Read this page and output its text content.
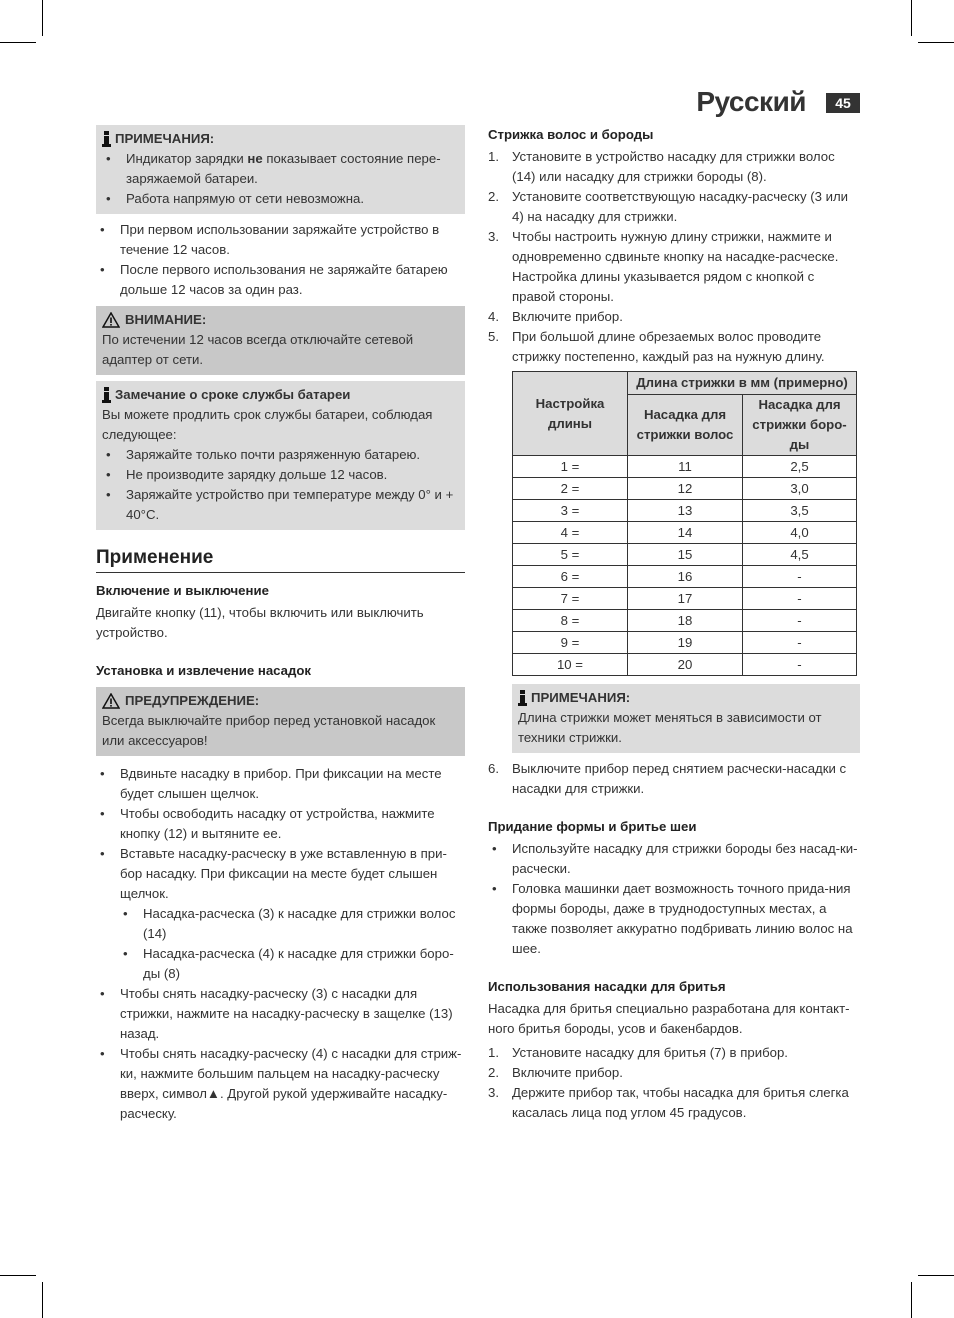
Русский	45
ПРИМЕЧАНИЯ:
• Индикатор зарядки не показывает состояние пере-заряжаемой батареи.
• Работа напрямую от сети невозможна.
• При первом использовании заряжайте устройство в течение 12 часов.
• После первого использования не заряжайте батарею дольше 12 часов за один раз.
ВНИМАНИЕ:
По истечении 12 часов всегда отключайте сетевой адаптер от сети.
Замечание о сроке службы батареи
Вы можете продлить срок службы батареи, соблюдая следующее:
• Заряжайте только почти разряженную батарею.
• Не производите зарядку дольше 12 часов.
• Заряжайте устройство при температуре между 0° и + 40°C.
Применение
Включение и выключение
Двигайте кнопку (11), чтобы включить или выключить устройство.
Установка и извлечение насадок
ПРЕДУПРЕЖДЕНИЕ:
Всегда выключайте прибор перед установкой насадок или аксессуаров!
• Вдвиньте насадку в прибор. При фиксации на месте будет слышен щелчок.
• Чтобы освободить насадку от устройства, нажмите кнопку (12) и вытяните ее.
• Вставьте насадку-расческу в уже вставленную в при-бор насадку. При фиксации на месте будет слышен щелчок.
• Насадка-расческа (3) к насадке для стрижки волос (14)
• Насадка-расческа (4) к насадке для стрижки боро-ды (8)
• Чтобы снять насадку-расческу (3) с насадки для стрижки, нажмите на насадку-расческу в защелке (13) назад.
• Чтобы снять насадку-расческу (4) с насадки для стриж-ки, нажмите большим пальцем на насадку-расческу вверх, символ▲. Другой рукой удерживайте насадку-расческу.
Стрижка волос и бороды
1. Установите в устройство насадку для стрижки волос (14) или насадку для стрижки бороды (8).
2. Установите соответствующую насадку-расческу (3 или 4) на насадку для стрижки.
3. Чтобы настроить нужную длину стрижки, нажмите и одновременно сдвиньте кнопку на насадке-расческе. Настройка длины указывается рядом с кнопкой с правой стороны.
4. Включите прибор.
5. При большой длине обрезаемых волос проводите стрижку постепенно, каждый раз на нужную длину.
Настройка длины	Длина стрижки в мм (примерно)	
	Насадка для стрижки волос	Насадка для стрижки боро-ды
1 =	11	2,5
2 =	12	3,0
3 =	13	3,5
4 =	14	4,0
5 =	15	4,5
6 =	16	-
7 =	17	-
8 =	18	-
9 =	19	-
10 =	20	-
ПРИМЕЧАНИЯ:
Длина стрижки может меняться в зависимости от техники стрижки.
6. Выключите прибор перед снятием расчески-насадки с насадки для стрижки.
Придание формы и бритье шеи
• Используйте насадку для стрижки бороды без насад-ки-расчески.
• Головка машинки дает возможность точного прида-ния формы бороды, даже в труднодоступных местах, а также позволяет аккуратно подбривать линию волос на шее.
Использования насадки для бритья
Насадка для бритья специально разработана для контакт-ного бритья бороды, усов и бакенбардов.
1. Установите насадку для бритья (7) в прибор.
2. Включите прибор.
3. Держите прибор так, чтобы насадка для бритья слегка касалась лица под углом 45 градусов.
